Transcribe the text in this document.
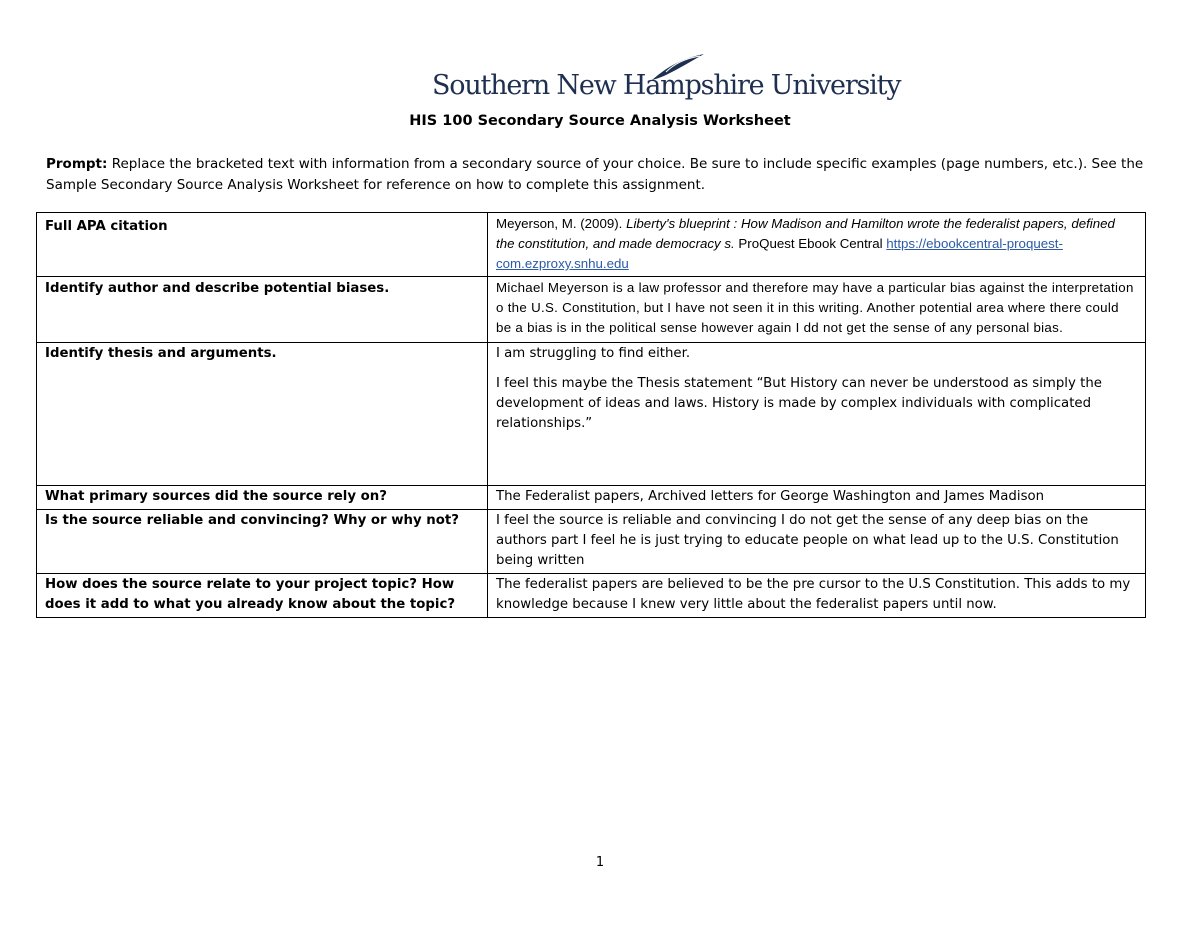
Southern New Hampshire University
HIS 100 Secondary Source Analysis Worksheet
Prompt: Replace the bracketed text with information from a secondary source of your choice. Be sure to include specific examples (page numbers, etc.). See the Sample Secondary Source Analysis Worksheet for reference on how to complete this assignment.
Full APA citation	Meyerson, M. (2009). Liberty's blueprint : How Madison and Hamilton wrote the federalist papers, defined the constitution, and made democracy s. ProQuest Ebook Central https://ebookcentral-proquest-com.ezproxy.snhu.edu
Identify author and describe potential biases.	Michael Meyerson is a law professor and therefore may have a particular bias against the interpretation o the U.S. Constitution, but I have not seen it in this writing. Another potential area where there could be a bias is in the political sense however again I dd not get the sense of any personal bias.
Identify thesis and arguments.	I am struggling to find either.
I feel this maybe the Thesis statement “But History can never be understood as simply the development of ideas and laws. History is made by complex individuals with complicated relationships.”

What primary sources did the source rely on?	The Federalist papers, Archived letters for George Washington and James Madison
Is the source reliable and convincing? Why or why not?	I feel the source is reliable and convincing I do not get the sense of any deep bias on the authors part I feel he is just trying to educate people on what lead up to the U.S. Constitution being written
How does the source relate to your project topic? How does it add to what you already know about the topic?	The federalist papers are believed to be the pre cursor to the U.S Constitution. This adds to my knowledge because I knew very little about the federalist papers until now.
1
